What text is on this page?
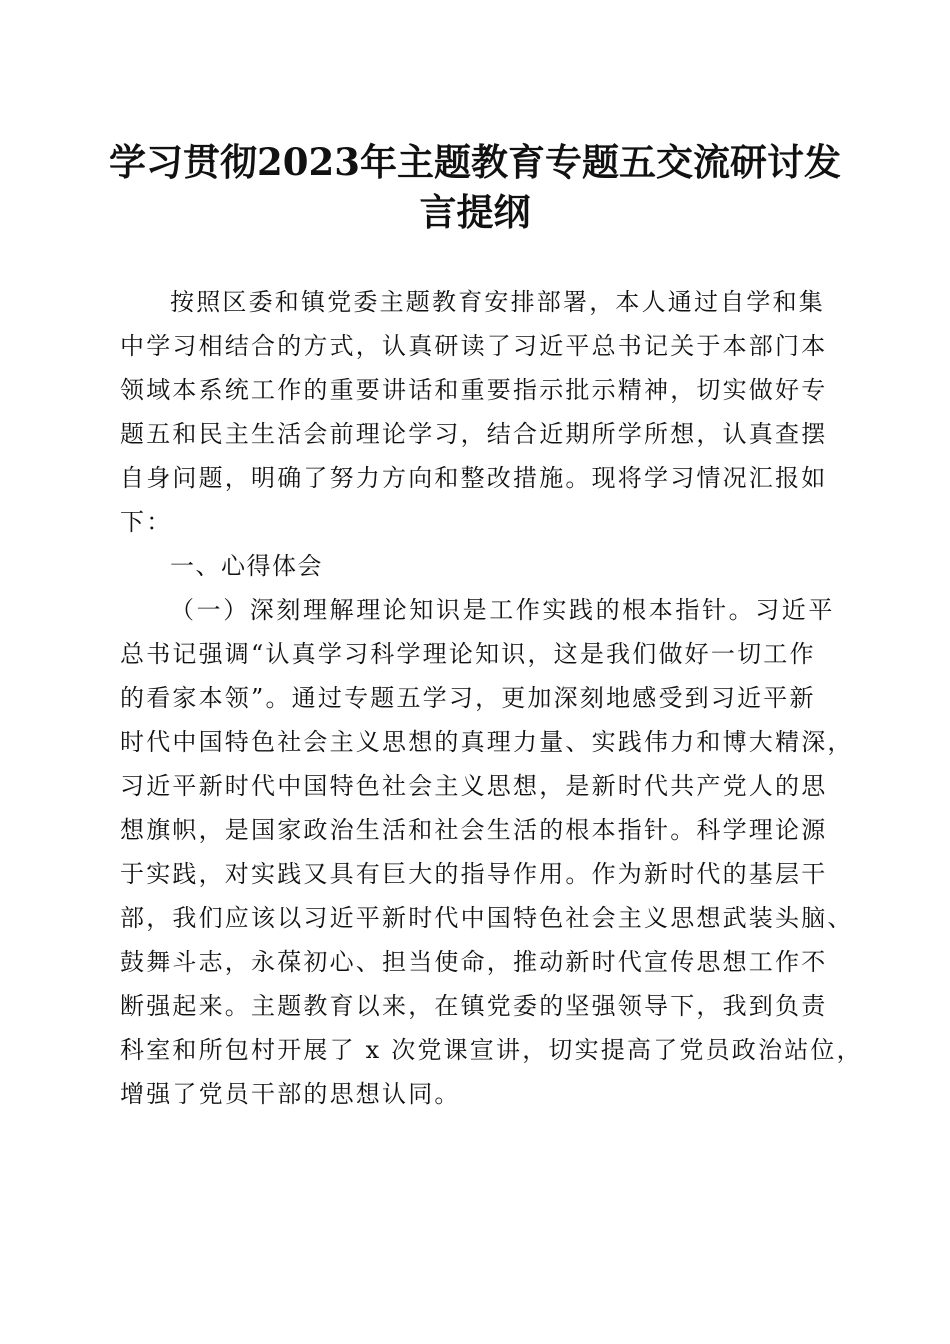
学习贯彻2023年主题教育专题五交流研讨发
言提纲
按照区委和镇党委主题教育安排部署，本人通过自学和集
中学习相结合的方式，认真研读了习近平总书记关于本部门本
领域本系统工作的重要讲话和重要指示批示精神，切实做好专
题五和民主生活会前理论学习，结合近期所学所想，认真查摆
自身问题，明确了努力方向和整改措施。现将学习情况汇报如
下：
一、心得体会
（一）深刻理解理论知识是工作实践的根本指针。习近平
总书记强调“认真学习科学理论知识，这是我们做好一切工作
的看家本领”。通过专题五学习，更加深刻地感受到习近平新
时代中国特色社会主义思想的真理力量、实践伟力和博大精深，
习近平新时代中国特色社会主义思想，是新时代共产党人的思
想旗帜，是国家政治生活和社会生活的根本指针。科学理论源
于实践，对实践又具有巨大的指导作用。作为新时代的基层干
部，我们应该以习近平新时代中国特色社会主义思想武装头脑、
鼓舞斗志，永葆初心、担当使命，推动新时代宣传思想工作不
断强起来。主题教育以来，在镇党委的坚强领导下，我到负责
科室和所包村开展了 x 次党课宣讲，切实提高了党员政治站位，
增强了党员干部的思想认同。
